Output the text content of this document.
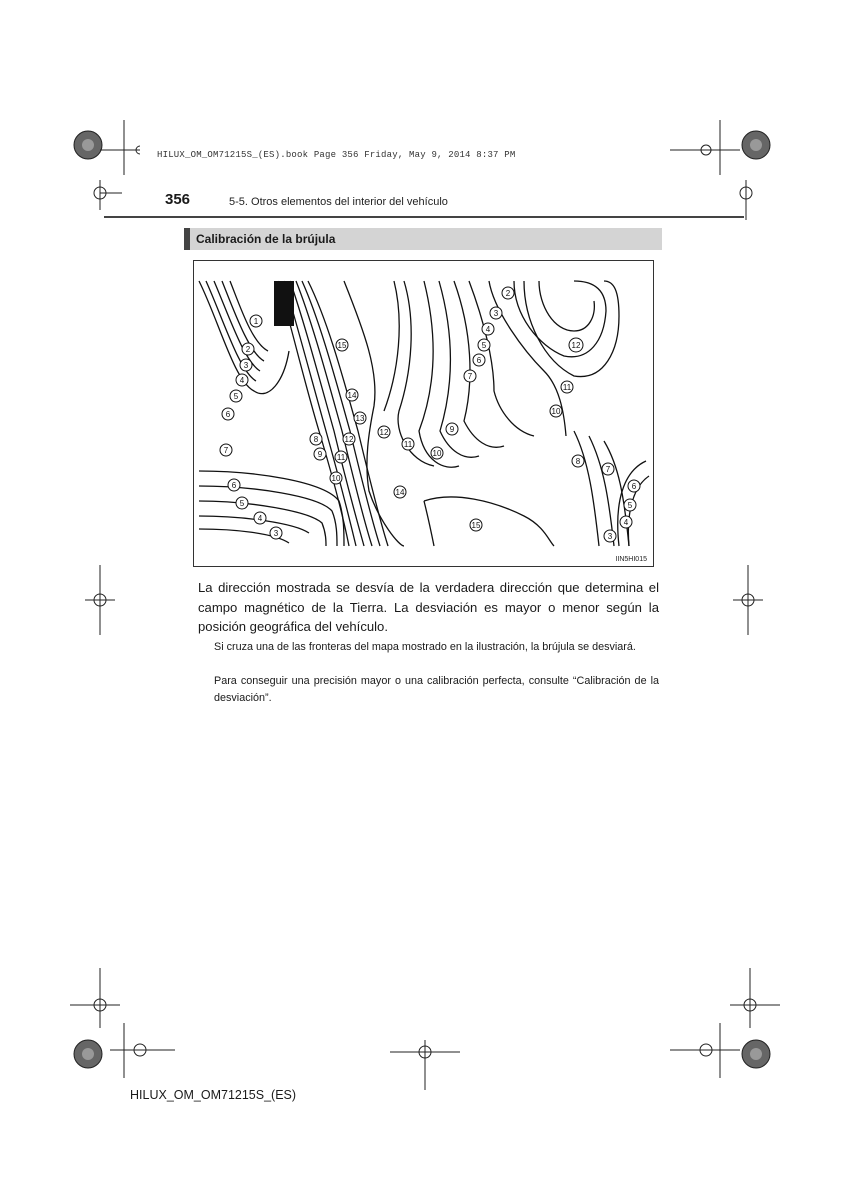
HILUX_OM_OM71215S_(ES).book Page 356 Friday, May 9, 2014 8:37 PM
356	5-5. Otros elementos del interior del vehículo
Calibración de la brújula
1
2
3
4
5
6
7
15
14
13
12
11
10
9
8
2
3
4
5
6
7
12
11
10
12
11
10
9
8
7
6
5
4
3
6
5
4
3
14
15
IIN5HI015
La dirección mostrada se desvía de la verdadera dirección que determina el campo magnético de la Tierra. La desviación es mayor o menor según la posición geográfica del vehículo.
Si cruza una de las fronteras del mapa mostrado en la ilustración, la brújula se desviará.
Para conseguir una precisión mayor o una calibración perfecta, consulte “Calibración de la desviación”.
HILUX_OM_OM71215S_(ES)
